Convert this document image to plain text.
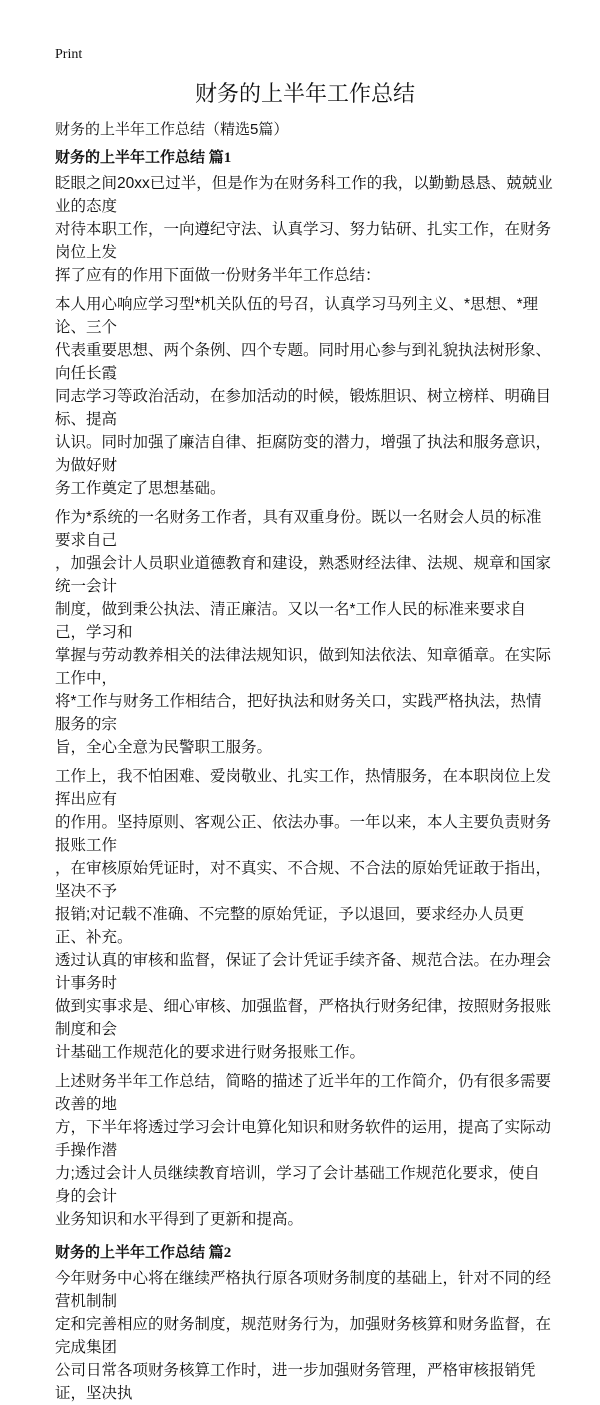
Print
财务的上半年工作总结
财务的上半年工作总结（精选5篇）
财务的上半年工作总结 篇1
眨眼之间20xx已过半，但是作为在财务科工作的我，以勤勤恳恳、兢兢业业的态度
对待本职工作，一向遵纪守法、认真学习、努力钻研、扎实工作，在财务岗位上发
挥了应有的作用下面做一份财务半年工作总结：
本人用心响应学习型*机关队伍的号召，认真学习马列主义、*思想、*理论、三个
代表重要思想、两个条例、四个专题。同时用心参与到礼貌执法树形象、向任长霞
同志学习等政治活动，在参加活动的时候，锻炼胆识、树立榜样、明确目标、提高
认识。同时加强了廉洁自律、拒腐防变的潜力，增强了执法和服务意识，为做好财
务工作奠定了思想基础。
作为*系统的一名财务工作者，具有双重身份。既以一名财会人员的标准要求自己
，加强会计人员职业道德教育和建设，熟悉财经法律、法规、规章和国家统一会计
制度，做到秉公执法、清正廉洁。又以一名*工作人民的标准来要求自己，学习和
掌握与劳动教养相关的法律法规知识，做到知法依法、知章循章。在实际工作中，
将*工作与财务工作相结合，把好执法和财务关口，实践严格执法，热情服务的宗
旨，全心全意为民警职工服务。
工作上，我不怕困难、爱岗敬业、扎实工作，热情服务，在本职岗位上发挥出应有
的作用。坚持原则、客观公正、依法办事。一年以来，本人主要负责财务报账工作
，在审核原始凭证时，对不真实、不合规、不合法的原始凭证敢于指出，坚决不予
报销;对记载不准确、不完整的原始凭证，予以退回，要求经办人员更正、补充。
透过认真的审核和监督，保证了会计凭证手续齐备、规范合法。在办理会计事务时
做到实事求是、细心审核、加强监督，严格执行财务纪律，按照财务报账制度和会
计基础工作规范化的要求进行财务报账工作。
上述财务半年工作总结，简略的描述了近半年的工作简介，仍有很多需要改善的地
方，下半年将透过学习会计电算化知识和财务软件的运用，提高了实际动手操作潜
力;透过会计人员继续教育培训，学习了会计基础工作规范化要求，使自身的会计
业务知识和水平得到了更新和提高。
财务的上半年工作总结 篇2
今年财务中心将在继续严格执行原各项财务制度的基础上，针对不同的经营机制制
定和完善相应的财务制度，规范财务行为，加强财务核算和财务监督，在完成集团
公司日常各项财务核算工作时，进一步加强财务管理，严格审核报销凭证，坚决执
